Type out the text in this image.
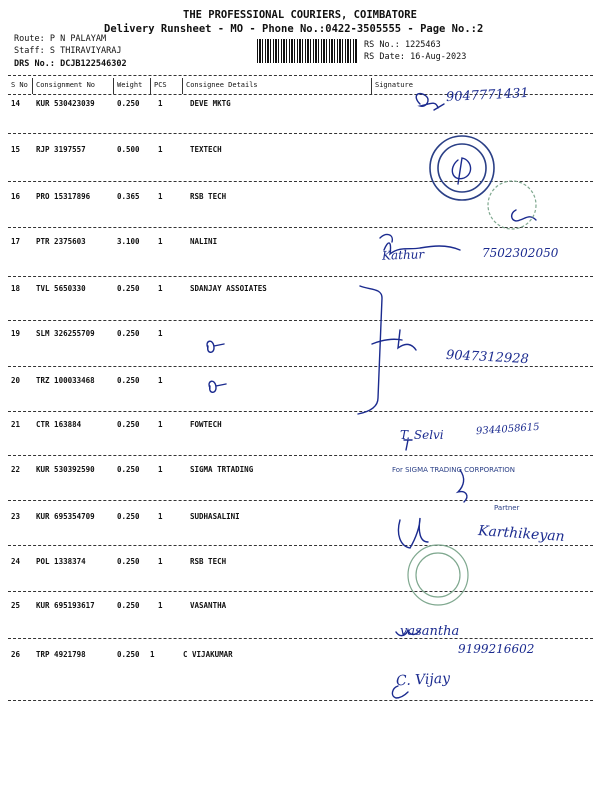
THE PROFESSIONAL COURIERS, COIMBATORE
Delivery Runsheet - MO - Phone No.:0422-3505555 - Page No.:2
Route: P N PALAYAM
Staff: S THIRAVIYARAJ
DRS No.: DCJB122546302
RS No.: 1225463
RS Date: 16-Aug-2023
S No Consignment No	Weight PCS	Consignee Details	Signature
14 KUR 530423039	0.250 1	DEVE MKTG
15 RJP 3197557	0.500 1	TEXTECH
16 PRO 15317896	0.365 1	RSB TECH
17 PTR 2375603	3.100 1	NALINI
18 TVL 5650330	0.250 1	SDANJAY ASSOIATES
19 SLM 326255709	0.250 1
20 TRZ 100033468	0.250 1
21 CTR 163884	0.250 1	FOWTECH
22 KUR 530392590	0.250 1	SIGMA TRTADING
23 KUR 695354709	0.250 1	SUDHASALINI
24 POL 1338374	0.250 1	RSB TECH
25 KUR 695193617	0.250 1	VASANTHA
26 TRP 4921798	0.250 1	C VIJAKUMAR
9047771431
Kathur	7502302050
9047312928
T. Selvi	9344058615
For SIGMA TRADING CORPORATION
Partner
Karthikeyan
vasantha
9199216602
C. Vijay
